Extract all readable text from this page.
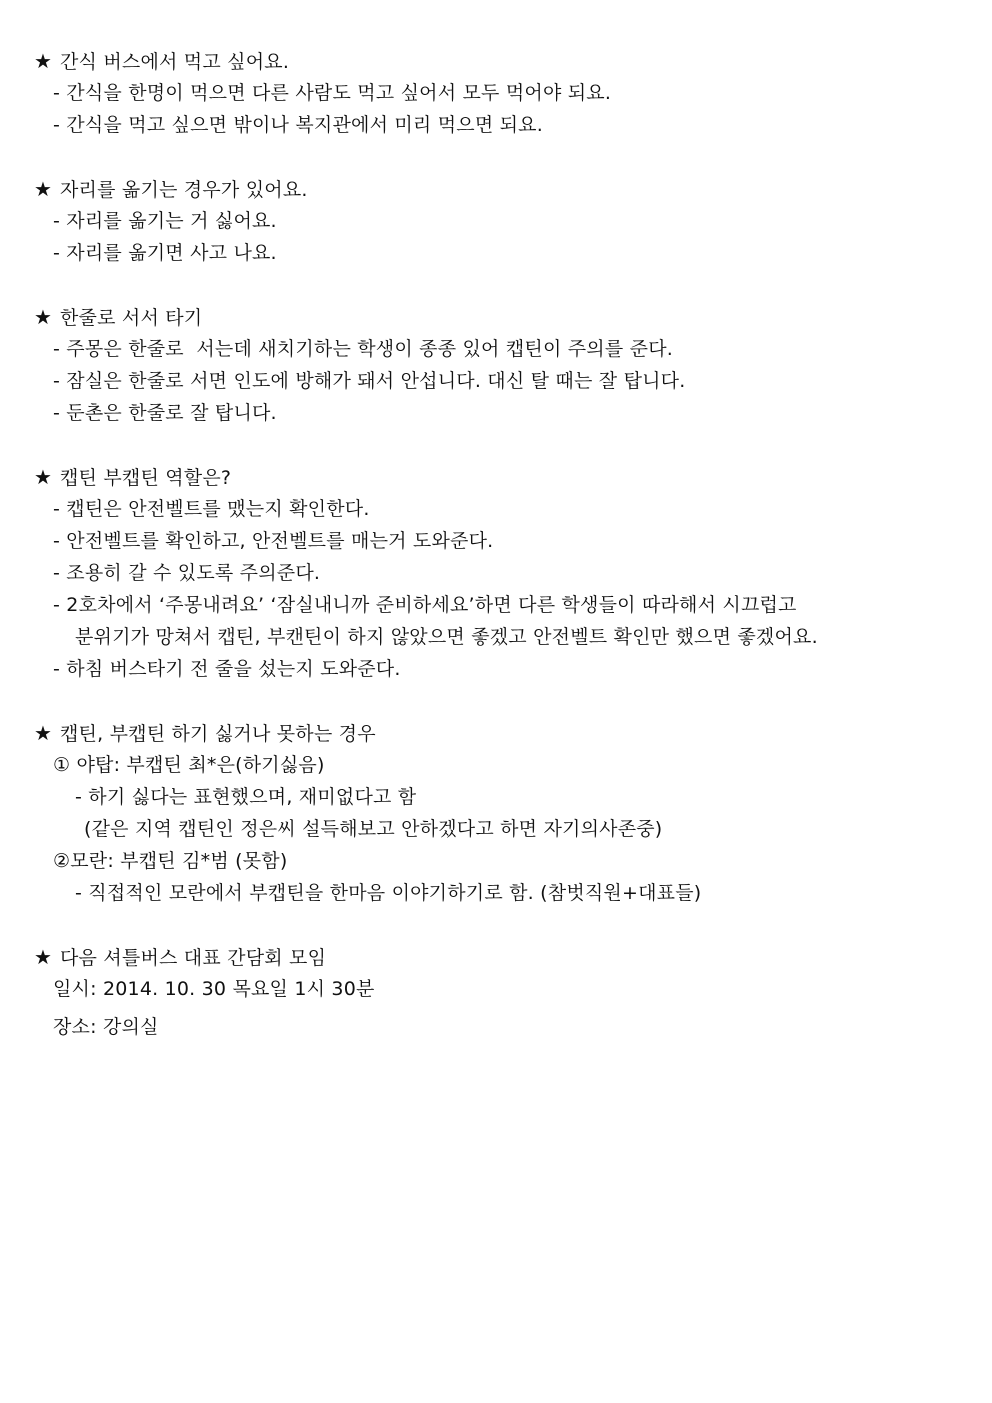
★ 간식 버스에서 먹고 싶어요.
- 간식을 한명이 먹으면 다른 사람도 먹고 싶어서 모두 먹어야 되요.
- 간식을 먹고 싶으면 밖이나 복지관에서 미리 먹으면 되요.
★ 자리를 옮기는 경우가 있어요.
- 자리를 옮기는 거 싫어요.
- 자리를 옮기면 사고 나요.
★ 한줄로 서서 타기
- 주몽은 한줄로  서는데 새치기하는 학생이 종종 있어 캡틴이 주의를 준다.
- 잠실은 한줄로 서면 인도에 방해가 돼서 안섭니다. 대신 탈 때는 잘 탑니다.
- 둔촌은 한줄로 잘 탑니다.
★ 캡틴 부캡틴 역할은?
- 캡틴은 안전벨트를 맸는지 확인한다.
- 안전벨트를 확인하고, 안전벨트를 매는거 도와준다.
- 조용히 갈 수 있도록 주의준다.
- 2호차에서 ‘주몽내려요’ ‘잠실내니까 준비하세요’하면 다른 학생들이 따라해서 시끄럽고
분위기가 망쳐서 캡틴, 부캔틴이 하지 않았으면 좋겠고 안전벨트 확인만 했으면 좋겠어요.
- 하침 버스타기 전 줄을 섰는지 도와준다.
★ 캡틴, 부캡틴 하기 싫거나 못하는 경우
① 야탑: 부캡틴 최*은(하기싫음)
- 하기 싫다는 표현했으며, 재미없다고 함
(같은 지역 캡틴인 정은씨 설득해보고 안하겠다고 하면 자기의사존중)
②모란: 부캡틴 김*범 (못함)
- 직접적인 모란에서 부캡틴을 한마음 이야기하기로 함. (참벗직원+대표들)
★ 다음 셔틀버스 대표 간담회 모임
일시: 2014. 10. 30 목요일 1시 30분
장소: 강의실
